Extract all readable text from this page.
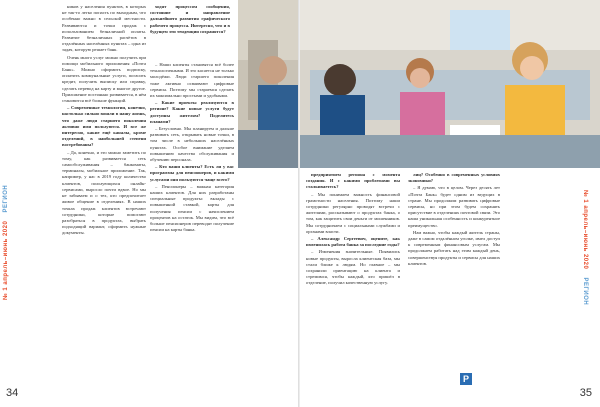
ников у населения пунктов, в которых не так-то легко попасть по выходным, что особенно важно в сельской местности. Развиваются и точки продаж с использованием безналичной оплаты. Развитие безналичных расчётов в отдалённых населённых пунктах – одна из задач, которую решает банк.

Очень много услуг можно получить при помощи мобильного приложения «Почта Банк». Можно оформить подписку, оплатить коммунальные услуги, погасить кредит, получить выписку или справку, сделать перевод на карту и многое другое. Приложение постоянно развивается, в нём становится всё больше функций.

– Современные технологии, конечно, настолько сильно вошли в нашу жизнь, что даже люди старшего поколения активно ими пользуются. И все же интересно, какие ещё каналы, кроме отделений, в наибольшей степени востребованы?

– Да, конечно, и это можно заметить по тому, как развивается сеть самообслуживания – банкоматы, терминалы, мобильное приложение. Так, например, у нас в 2019 году количество клиентов, пользующихся онлайн-сервисами, выросло почти вдвое. Но мы не забываем и о тех, кто предпочитает живое общение в отделениях. В наших точках продаж клиентов встречают сотрудники, которые помогают разобраться в продуктах, выбрать подходящий вариант, оформить нужные документы.

ходят процессом сообщения, состояние и направление дальнейшего развития графического рабочего процесса. Интересно, что и в будущем эти тенденции сохранятся?

– Наши клиенты становятся всё более технологичными. И это касается не только молодёжи. Люди старшего поколения тоже активно осваивают цифровые сервисы. Поэтому мы стараемся сделать их максимально простыми и удобными.

– Какие проекты реализуются в регионе? Какие новые услуги будут доступны жителям? Поделитесь планами?

– Безусловно. Мы планируем и дальше развивать сеть, открывать новые точки, в том числе в небольших населённых пунктах. Особое внимание уделяем повышению качества обслуживания и обучению персонала.

– Кто ваши клиенты? Есть ли у вас программы для пенсионеров, и какими услугами они пользуются чаще всего?

– Пенсионеры – важная категория наших клиентов. Для них разработаны специальные продукты: вклады с повышенной ставкой, карты для получения пенсии с начислением процентов на остаток. Мы видим, что всё больше пенсионеров переводят получение пенсии на карты банка.

№ 1 апрель–июнь 2020 РЕГИОН
34

предприятием региона с момента создания. И с какими проблемами вы сталкиваетесь?

– Мы понимаем важность финансовой грамотности населения. Поэтому наши сотрудники регулярно проводят встречи с жителями, рассказывают о продуктах банка, о том, как защитить свои деньги от мошенников. Мы сотрудничаем с социальными службами и органами власти.

– Александр Сергеевич, оцените, как изменилась работа банка за последние годы?

– Изменения значительные. Появились новые продукты, выросла клиентская база, мы стали ближе к людям. Но главное – мы сохранили ориентацию на клиента и стремимся, чтобы каждый, кто пришёл в отделение, получил качественную услугу.

лиц? Особенно в современных условиях экономики?

– Я думаю, что в целом. Через десять лет «Почта Банк» будет одним из ведущих в стране. Мы продолжим развивать цифровые сервисы, но при этом будем сохранять присутствие в отделениях почтовой связи. Это наша уникальная особенность и конкурентное преимущество.

Нам важно, чтобы каждый житель страны, даже в самом отдалённом уголке, имел доступ к современным финансовым услугам. Мы продолжаем работать над этим каждый день, совершенствуя продукты и сервисы для наших клиентов.

P
№ 1 апрель–июнь 2020 РЕГИОН
35
